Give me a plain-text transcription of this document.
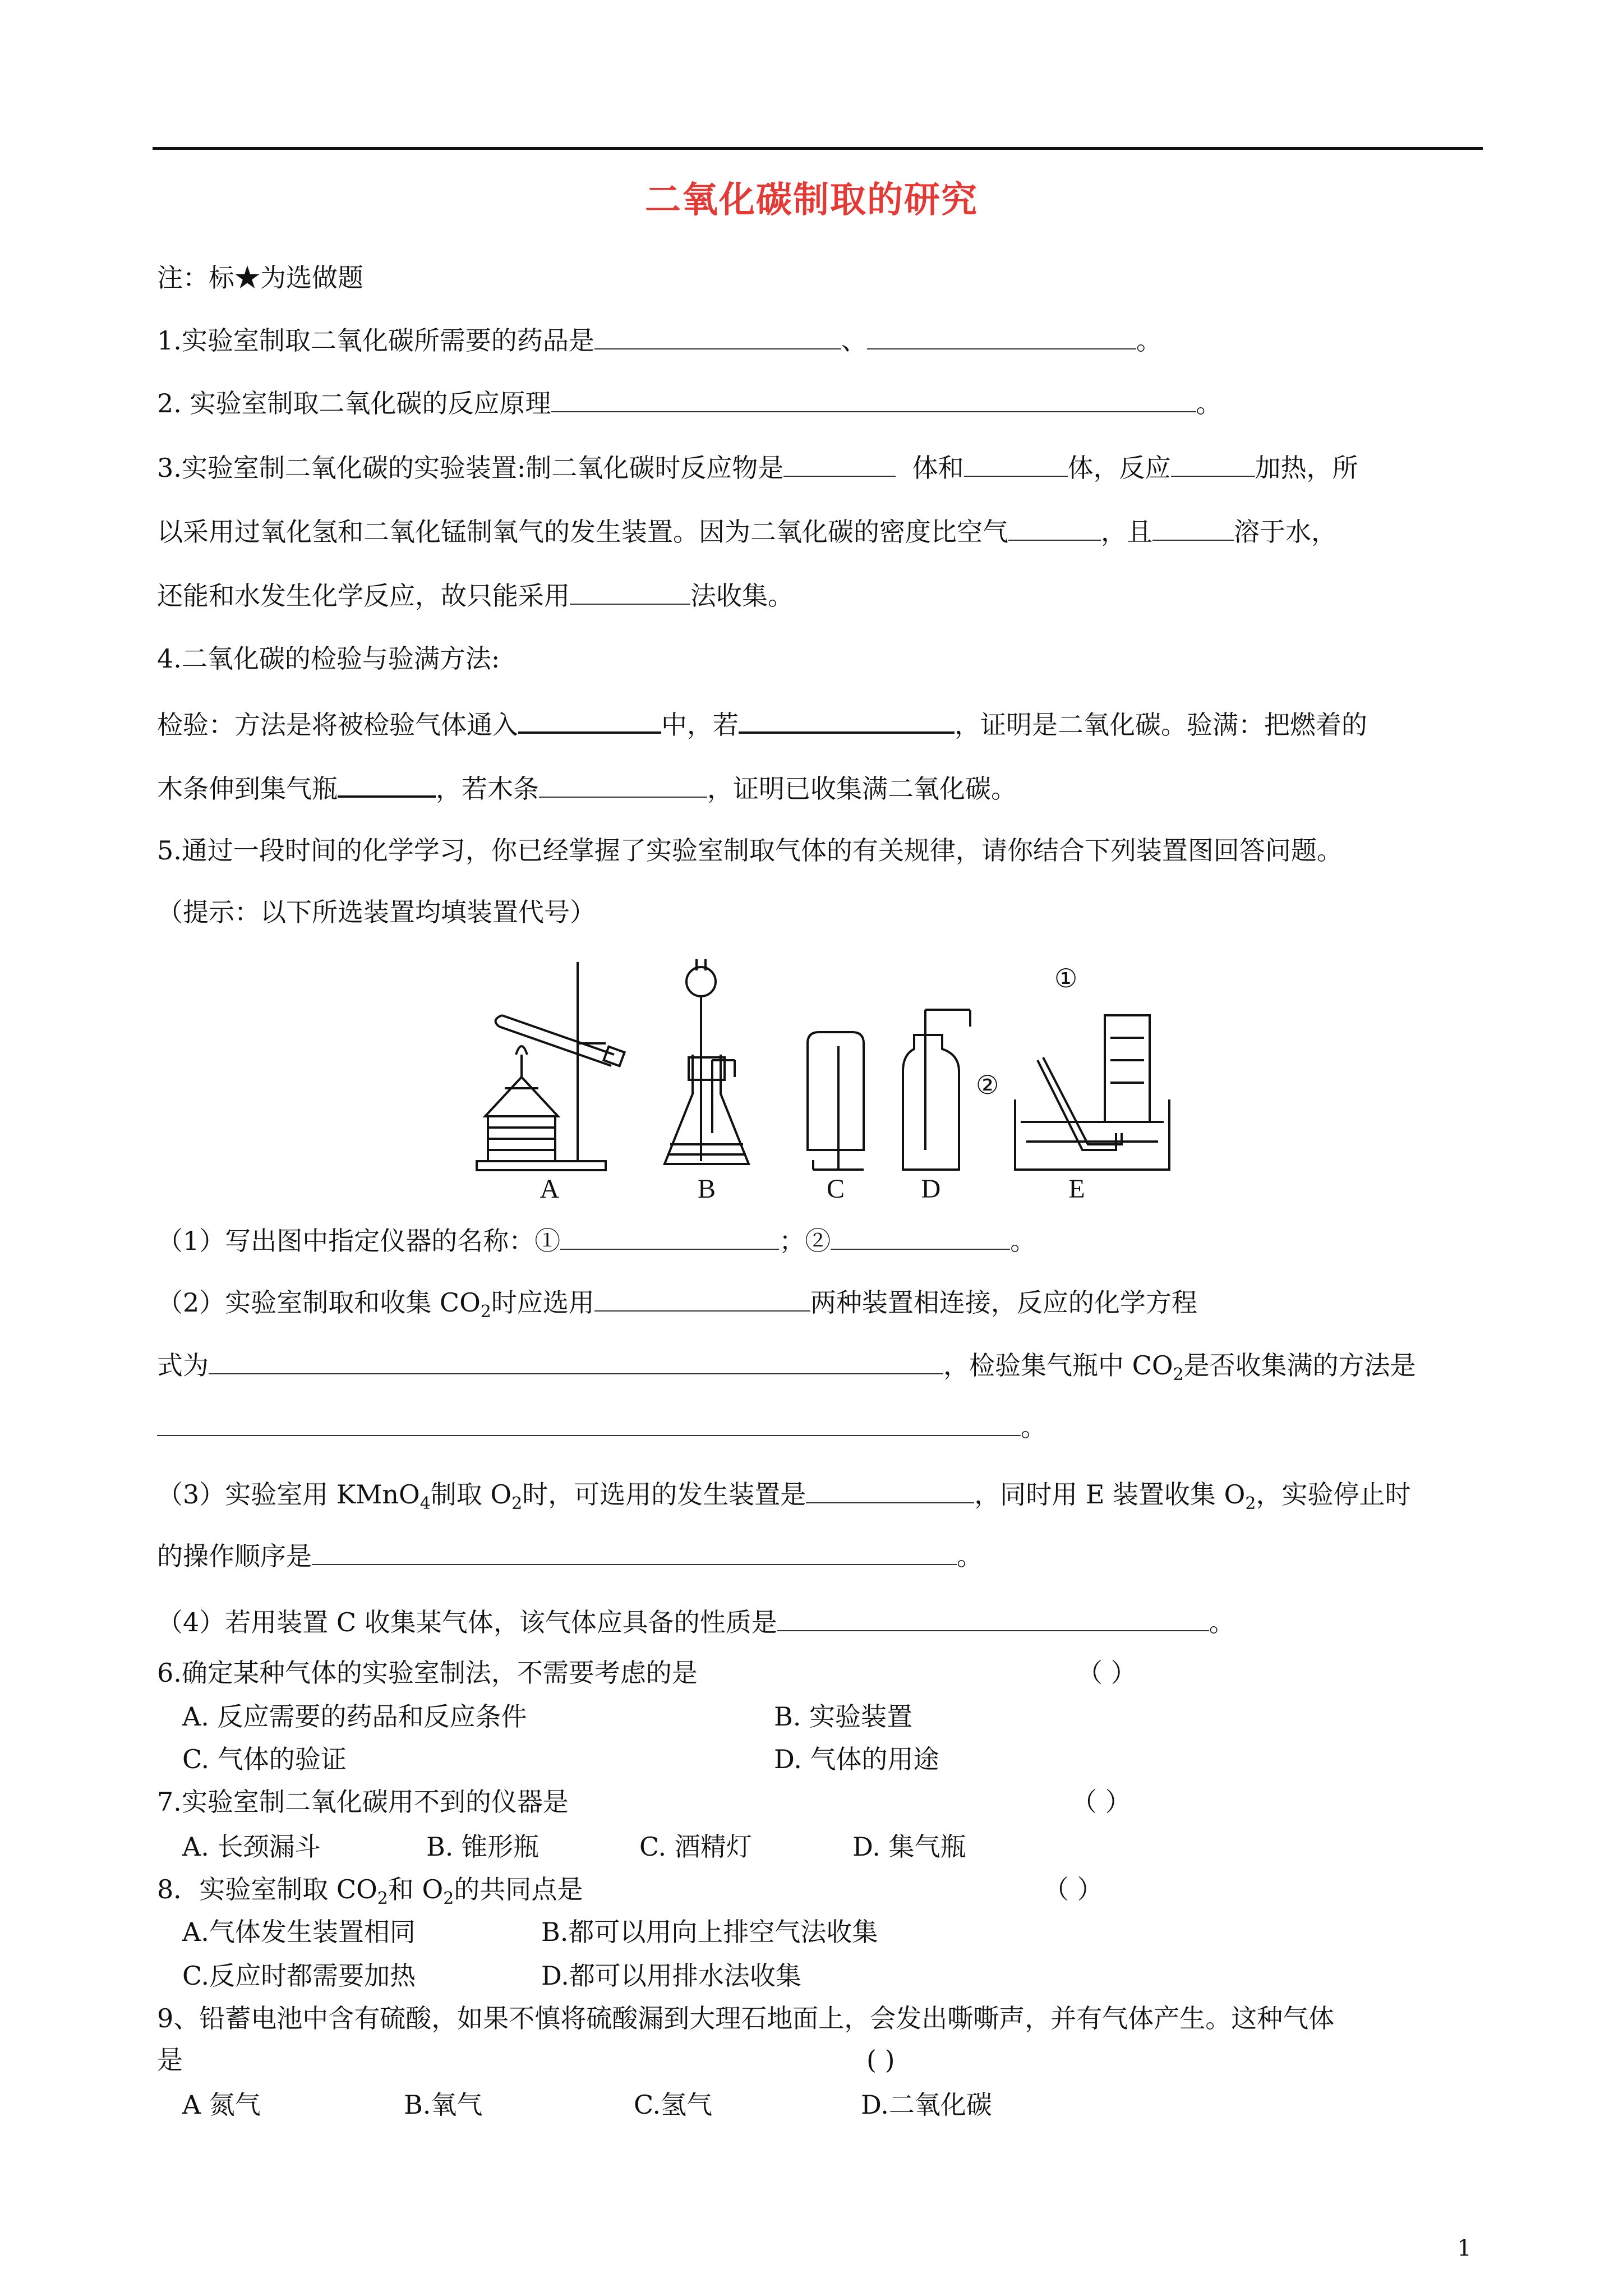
二氧化碳制取的研究
注：标★为选做题
1.实验室制取二氧化碳所需要的药品是	、	。
2. 实验室制取二氧化碳的反应原理	。
3.实验室制二氧化碳的实验装置:制二氧化碳时反应物是	体和	体，反应	加热，所
以采用过氧化氢和二氧化锰制氧气的发生装置。因为二氧化碳的密度比空气	，且	溶于水，
还能和水发生化学反应，故只能采用	法收集。
4.二氧化碳的检验与验满方法:
检验：方法是将被检验气体通入	中，若	，证明是二氧化碳。验满：把燃着的
木条伸到集气瓶	，若木条	，证明已收集满二氧化碳。
5.通过一段时间的化学学习，你已经掌握了实验室制取气体的有关规律，请你结合下列装置图回答问题。
（提示：以下所选装置均填装置代号）
①
②
A	B	C	D	E
（1）写出图中指定仪器的名称：①	；②	。
（2）实验室制取和收集 $CO_2$时应选用	两种装置相连接，反应的化学方程
式为	，检验集气瓶中 $CO_2$是否收集满的方法是
。
（3）实验室用 KMnO$_4$制取 $O_2$时，可选用的发生装置是	，同时用 E 装置收集 $O_2$，实验停止时
的操作顺序是	。
（4）若用装置 C 收集某气体，该气体应具备的性质是	。
6.确定某种气体的实验室制法，不需要考虑的是	（ ）
A. 反应需要的药品和反应条件	B. 实验装置
C. 气体的验证	D. 气体的用途
7.实验室制二氧化碳用不到的仪器是	（ ）
A. 长颈漏斗	B. 锥形瓶	C. 酒精灯	D. 集气瓶
8．实验室制取 $CO_2$和 $O_2$的共同点是	（ ）
A.气体发生装置相同	B.都可以用向上排空气法收集
C.反应时都需要加热	D.都可以用排水法收集
9、铅蓄电池中含有硫酸，如果不慎将硫酸漏到大理石地面上，会发出嘶嘶声，并有气体产生。这种气体
是	( )
A 氮气	B.氧气	C.氢气	D.二氧化碳
1
